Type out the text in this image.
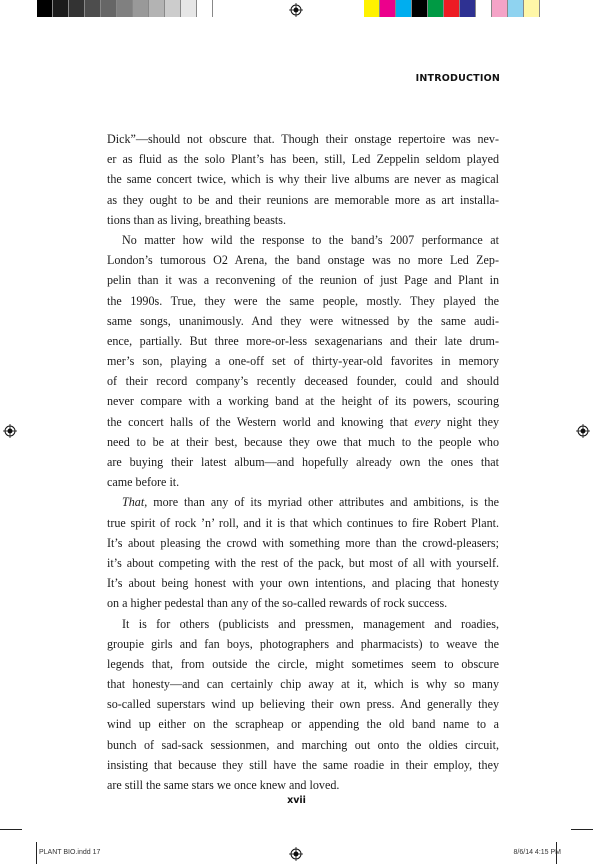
INTRODUCTION
Dick”—should not obscure that. Though their onstage repertoire was nev-
er as fluid as the solo Plant’s has been, still, Led Zeppelin seldom played
the same concert twice, which is why their live albums are never as magical
as they ought to be and their reunions are memorable more as art installa-
tions than as living, breathing beasts.
No matter how wild the response to the band’s 2007 performance at
London’s tumorous O2 Arena, the band onstage was no more Led Zep-
pelin than it was a reconvening of the reunion of just Page and Plant in
the 1990s. True, they were the same people, mostly. They played the
same songs, unanimously. And they were witnessed by the same audi-
ence, partially. But three more-or-less sexagenarians and their late drum-
mer’s son, playing a one-off set of thirty-year-old favorites in memory
of their record company’s recently deceased founder, could and should
never compare with a working band at the height of its powers, scouring
the concert halls of the Western world and knowing that every night they
need to be at their best, because they owe that much to the people who
are buying their latest album—and hopefully already own the ones that
came before it.
That, more than any of its myriad other attributes and ambitions, is the
true spirit of rock ’n’ roll, and it is that which continues to fire Robert Plant.
It’s about pleasing the crowd with something more than the crowd-pleasers;
it’s about competing with the rest of the pack, but most of all with yourself.
It’s about being honest with your own intentions, and placing that honesty
on a higher pedestal than any of the so-called rewards of rock success.
It is for others (publicists and pressmen, management and roadies,
groupie girls and fan boys, photographers and pharmacists) to weave the
legends that, from outside the circle, might sometimes seem to obscure
that honesty—and can certainly chip away at it, which is why so many
so-called superstars wind up believing their own press. And generally they
wind up either on the scrapheap or appending the old band name to a
bunch of sad-sack sessionmen, and marching out onto the oldies circuit,
insisting that because they still have the same roadie in their employ, they
are still the same stars we once knew and loved.
xvii
PLANT BIO.indd 17	8/6/14 4:15 PM
